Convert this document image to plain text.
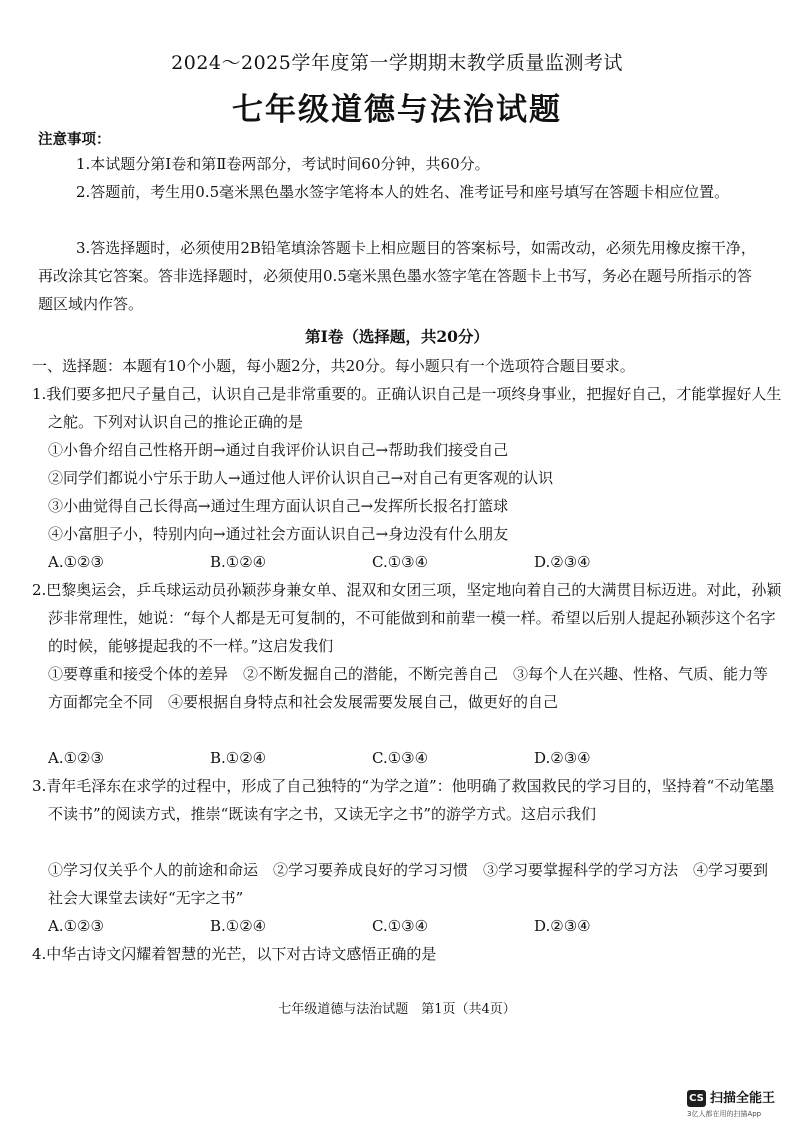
2024～2025学年度第一学期期末教学质量监测考试
七年级道德与法治试题
注意事项：

1.本试题分第Ⅰ卷和第Ⅱ卷两部分，考试时间60分钟，共60分。

2.答题前，考生用0.5毫米黑色墨水签字笔将本人的姓名、准考证号和座号填写在答题卡相应位置。

3.答选择题时，必须使用2B铅笔填涂答题卡上相应题目的答案标号，如需改动，必须先用橡皮擦干净，再改涂其它答案。答非选择题时，必须使用0.5毫米黑色墨水签字笔在答题卡上书写，务必在题号所指示的答题区域内作答。

第Ⅰ卷（选择题，共20分）

一、选择题：本题有10个小题，每小题2分，共20分。每小题只有一个选项符合题目要求。

1.我们要多把尺子量自己，认识自己是非常重要的。正确认识自己是一项终身事业，把握好自己，才能掌握好人生之舵。下列对认识自己的推论正确的是

①小鲁介绍自己性格开朗→通过自我评价认识自己→帮助我们接受自己

②同学们都说小宁乐于助人→通过他人评价认识自己→对自己有更客观的认识

③小曲觉得自己长得高→通过生理方面认识自己→发挥所长报名打篮球

④小富胆子小，特别内向→通过社会方面认识自己→身边没有什么朋友

A.①②③	B.①②④	C.①③④	D.②③④

2.巴黎奥运会，乒乓球运动员孙颖莎身兼女单、混双和女团三项，坚定地向着自己的大满贯目标迈进。对此，孙颖莎非常理性，她说：“每个人都是无可复制的，不可能做到和前辈一模一样。希望以后别人提起孙颖莎这个名字的时候，能够提起我的不一样。”这启发我们

①要尊重和接受个体的差异　②不断发掘自己的潜能，不断完善自己　③每个人在兴趣、性格、气质、能力等方面都完全不同　④要根据自身特点和社会发展需要发展自己，做更好的自己

A.①②③	B.①②④	C.①③④	D.②③④

3.青年毛泽东在求学的过程中，形成了自己独特的“为学之道”：他明确了救国救民的学习目的，坚持着“不动笔墨不读书”的阅读方式，推崇“既读有字之书，又读无字之书”的游学方式。这启示我们

①学习仅关乎个人的前途和命运　②学习要养成良好的学习习惯　③学习要掌握科学的学习方法　④学习要到社会大课堂去读好“无字之书”

A.①②③	B.①②④	C.①③④	D.②③④

4.中华古诗文闪耀着智慧的光芒，以下对古诗文感悟正确的是

七年级道德与法治试题　第1页（共4页）
CS 扫描全能王
3亿人都在用的扫描App
